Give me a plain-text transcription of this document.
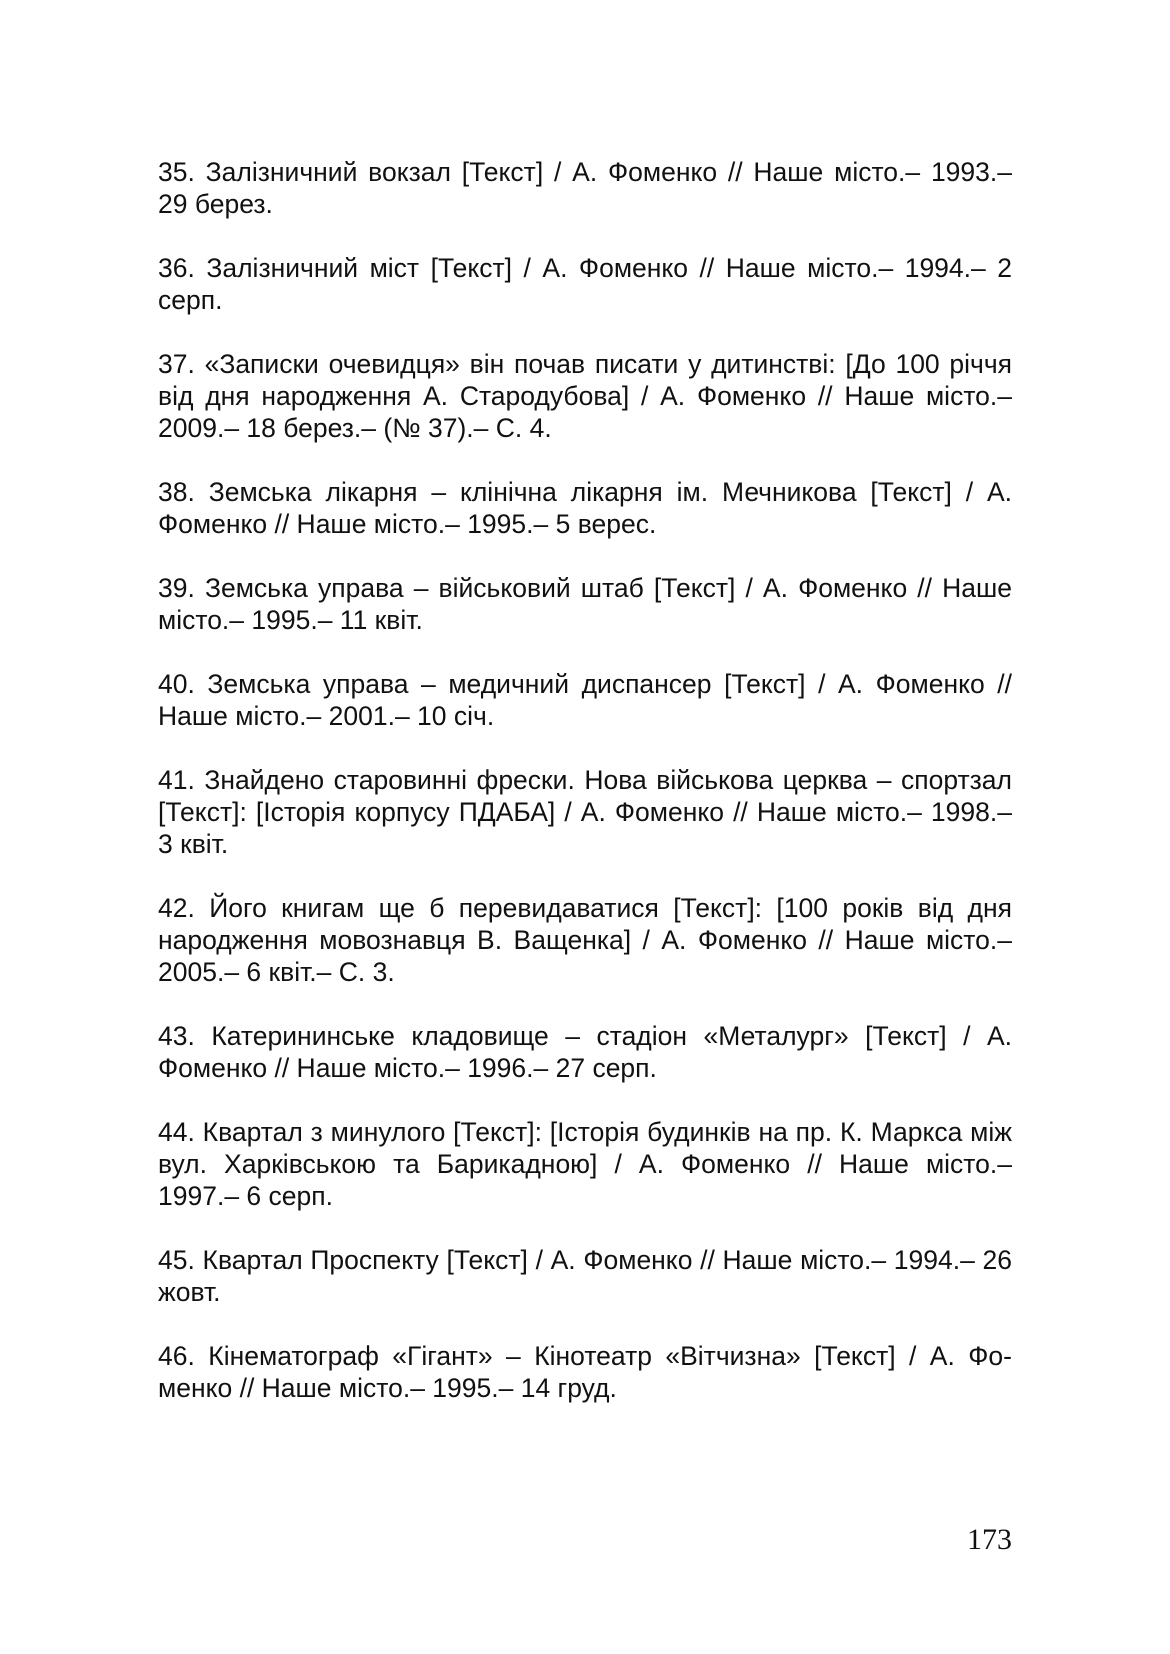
35. Залізничний вокзал [Текст] / А. Фоменко // Наше місто.– 1993.– 29 берез.

36. Залізничний міст [Текст] / А. Фоменко // Наше місто.– 1994.– 2 серп.

37. «Записки очевидця» він почав писати у дитинстві: [До 100 річчя від дня народження А. Стародубова] / А. Фоменко // Наше місто.– 2009.– 18 берез.– (№ 37).– С. 4.

38. Земська лікарня – клінічна лікарня ім. Мечникова [Текст] / А. Фоменко // Наше місто.– 1995.– 5 верес.

39. Земська управа – військовий штаб [Текст] / А. Фоменко // Наше місто.– 1995.– 11 квіт.

40. Земська управа – медичний диспансер [Текст] / А. Фоменко // Наше місто.– 2001.– 10 січ.

41. Знайдено старовинні фрески. Нова військова церква – спортзал [Текст]: [Історія корпусу ПДАБА] / А. Фоменко // Наше місто.– 1998.– 3 квіт.

42. Його книгам ще б перевидаватися [Текст]: [100 років від дня народження мовознавця В. Ващенка] / А. Фоменко // Наше місто.– 2005.– 6 квіт.– С. 3.

43. Катерининське кладовище – стадіон «Металург» [Текст] / А. Фоменко // Наше місто.– 1996.– 27 серп.

44. Квартал з минулого [Текст]: [Історія будинків на пр. К. Маркса між вул. Харківською та Барикадною] / А. Фоменко // Наше місто.– 1997.– 6 серп.

45. Квартал Проспекту [Текст] / А. Фоменко // Наше місто.– 1994.– 26 жовт.

46. Кінематограф «Гігант» – Кінотеатр «Вітчизна» [Текст] / А. Фоменко // Наше місто.– 1995.– 14 груд.

173
